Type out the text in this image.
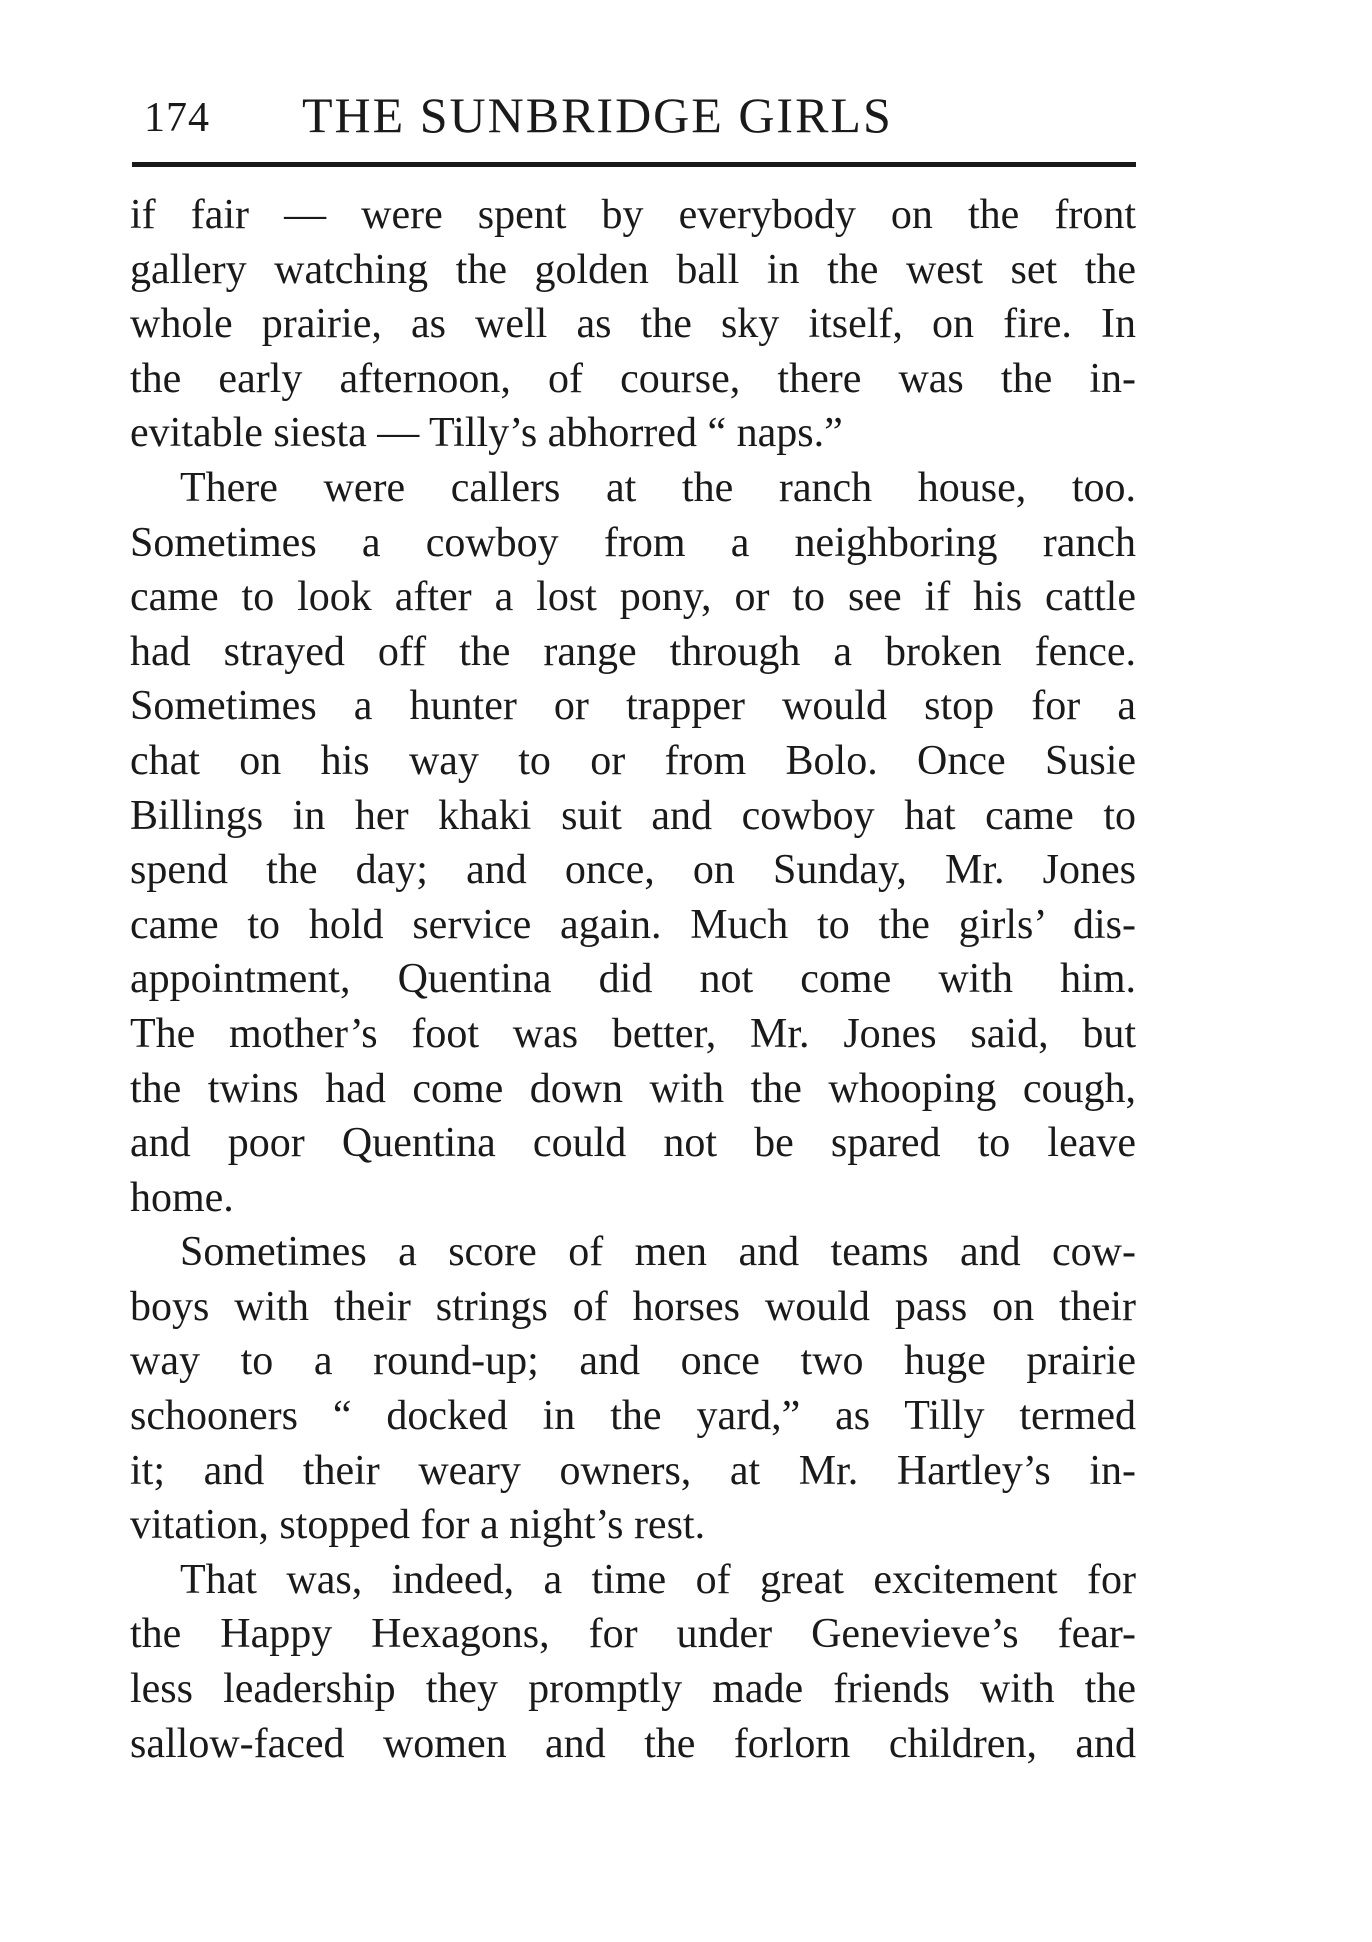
174 THE SUNBRIDGE GIRLS
if fair — were spent by everybody on the front
gallery watching the golden ball in the west set the
whole prairie, as well as the sky itself, on fire. In
the early afternoon, of course, there was the in-
evitable siesta — Tilly’s abhorred “ naps.”
There were callers at the ranch house, too.
Sometimes a cowboy from a neighboring ranch
came to look after a lost pony, or to see if his cattle
had strayed off the range through a broken fence.
Sometimes a hunter or trapper would stop for a
chat on his way to or from Bolo. Once Susie
Billings in her khaki suit and cowboy hat came to
spend the day; and once, on Sunday, Mr. Jones
came to hold service again. Much to the girls’ dis-
appointment, Quentina did not come with him.
The mother’s foot was better, Mr. Jones said, but
the twins had come down with the whooping cough,
and poor Quentina could not be spared to leave
home.
Sometimes a score of men and teams and cow-
boys with their strings of horses would pass on their
way to a round-up; and once two huge prairie
schooners “ docked in the yard,” as Tilly termed
it; and their weary owners, at Mr. Hartley’s in-
vitation, stopped for a night’s rest.
That was, indeed, a time of great excitement for
the Happy Hexagons, for under Genevieve’s fear-
less leadership they promptly made friends with the
sallow-faced women and the forlorn children, and
